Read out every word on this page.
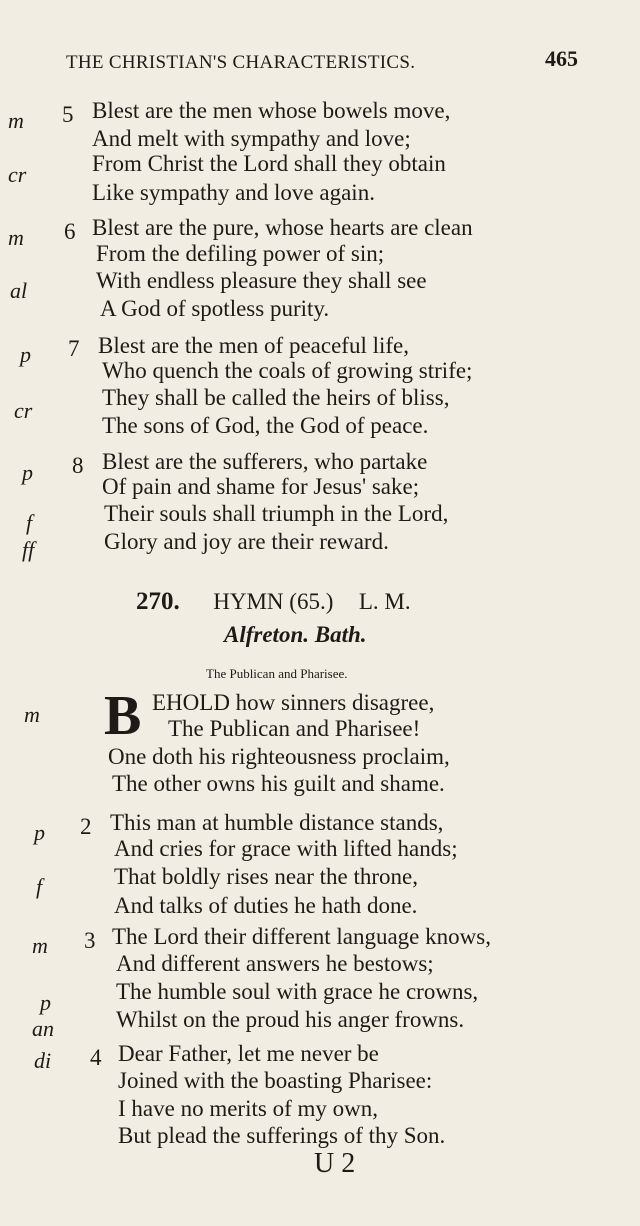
THE CHRISTIAN'S CHARACTERISTICS.	465
m
cr
5 Blest are the men whose bowels move,
And melt with sympathy and love;
From Christ the Lord shall they obtain
Like sympathy and love again.
m
al
6 Blest are the pure, whose hearts are clean
From the defiling power of sin;
With endless pleasure they shall see
A God of spotless purity.
p
cr
7 Blest are the men of peaceful life,
Who quench the coals of growing strife;
They shall be called the heirs of bliss,
The sons of God, the God of peace.
p
f
ff
8 Blest are the sufferers, who partake
Of pain and shame for Jesus' sake;
Their souls shall triumph in the Lord,
Glory and joy are their reward.
270. HYMN (65.) L. M.
Alfreton. Bath.
The Publican and Pharisee.
m B EHOLD how sinners disagree,
The Publican and Pharisee!
One doth his righteousness proclaim,
The other owns his guilt and shame.
p
f
2 This man at humble distance stands,
And cries for grace with lifted hands;
That boldly rises near the throne,
And talks of duties he hath done.
m
p
an
3 The Lord their different language knows,
And different answers he bestows;
The humble soul with grace he crowns,
Whilst on the proud his anger frowns.
di 4 Dear Father, let me never be
Joined with the boasting Pharisee:
I have no merits of my own,
But plead the sufferings of thy Son.
U 2
